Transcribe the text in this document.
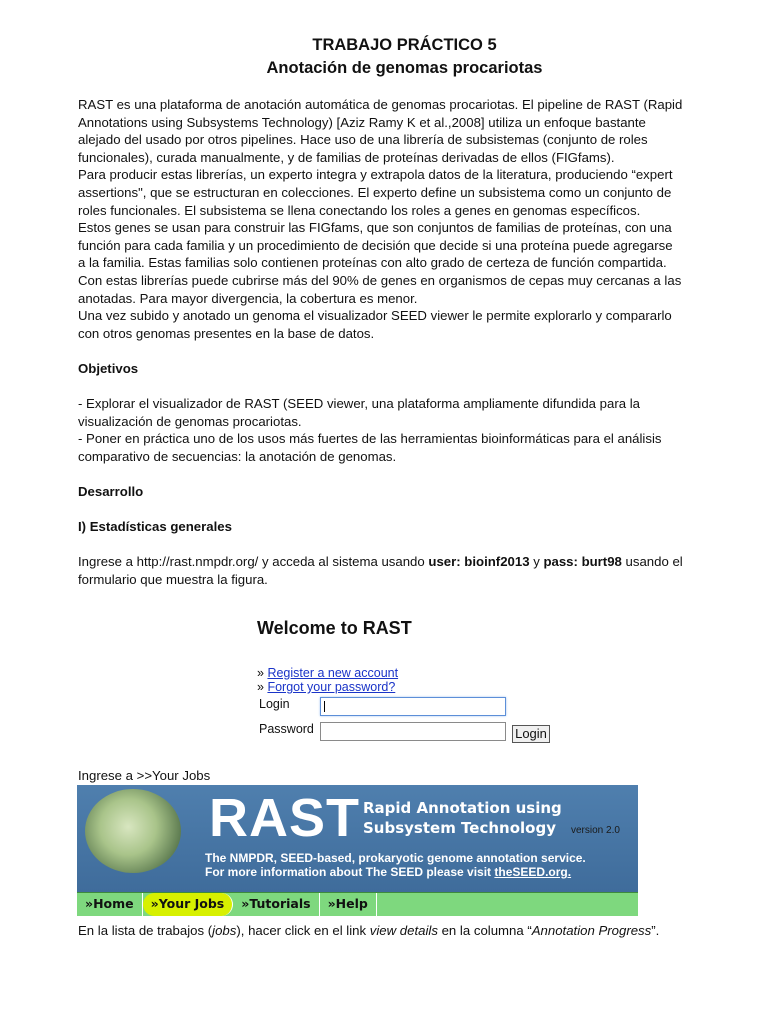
TRABAJO PRÁCTICO 5

Anotación de genomas procariotas

RAST es una plataforma de anotación automática de genomas procariotas. El pipeline de RAST (Rapid

Annotations using Subsystems Technology) [Aziz Ramy K et al.,2008] utiliza un enfoque bastante

alejado del usado por otros pipelines. Hace uso de una librería de subsistemas (conjunto de roles

funcionales), curada manualmente, y de familias de proteínas derivadas de ellos (FIGfams).

Para producir estas librerías, un experto integra y extrapola datos de la literatura, produciendo “expert

assertions", que se estructuran en colecciones. El experto define un subsistema como un conjunto de

roles funcionales. El subsistema se llena conectando los roles a genes en genomas específicos.

Estos genes se usan para construir las FIGfams, que son conjuntos de familias de proteínas, con una

función para cada familia y un procedimiento de decisión que decide si una proteína puede agregarse

a la familia. Estas familias solo contienen proteínas con alto grado de certeza de función compartida.

Con estas librerías puede cubrirse más del 90% de genes en organismos de cepas muy cercanas a las

anotadas. Para mayor divergencia, la cobertura es menor.

Una vez subido y anotado un genoma el visualizador SEED viewer le permite explorarlo y compararlo

con otros genomas presentes en la base de datos.

Objetivos

- Explorar el visualizador de RAST (SEED viewer, una plataforma ampliamente difundida para la

visualización de genomas procariotas.

- Poner en práctica uno de los usos más fuertes de las herramientas bioinformáticas para el análisis

comparativo de secuencias: la anotación de genomas.

Desarrollo

I) Estadísticas generales

Ingrese a http://rast.nmpdr.org/ y acceda al sistema usando user: bioinf2013 y pass: burt98 usando el

formulario que muestra la figura.

Welcome to RAST
» Register a new account
» Forgot your password?
Login
Password	Login

Ingrese a >>Your Jobs

RAST Rapid Annotation using
Subsystem Technology	version 2.0
The NMPDR, SEED-based, prokaryotic genome annotation service.
For more information about The SEED please visit theSEED.org.
»Home	»Your Jobs	»Tutorials	»Help

En la lista de trabajos (jobs), hacer click en el link view details en la columna “Annotation Progress”.
